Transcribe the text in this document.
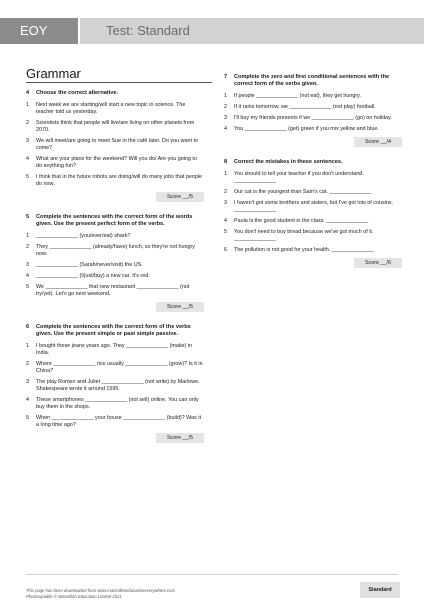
EOY	Test: Standard
Grammar
4	Choose the correct alternative.
1	Next week we are starting/will start a new topic in science. The teacher told us yesterday.
2	Scientists think that people will live/are living on other planets from 2070.
3	We will meet/are going to meet Sue in the café later. Do you want to come?
4	What are your plans for the weekend? Will you do/ Are you going to do anything fun?
5	I think that in the future robots are doing/will do many jobs that people do now.
Score __/5
5	Complete the sentences with the correct form of the words given. Use the present perfect form of the verbs.
1	______________ (you/ever/eat) shark?
2	They ______________ (already/have) lunch, so they're not hungry now.
3	______________ (Sarah/never/visit) the US.
4	______________ (I/just/buy) a new car. It's red.
5	We ______________ that new restaurant ______________ (not try/yet). Let's go next weekend.
Score __/5
6	Complete the sentences with the correct form of the verbs given. Use the present simple or past simple passive.
1	I bought these jeans years ago. They ______________ (make) in India.
2	Where ______________ rice usually ______________ (grow)? Is it in China?
3	The play Romeo and Juliet ______________ (not write) by Marlowe. Shakespeare wrote it around 1595.
4	These smartphones ______________ (not sell) online. You can only buy them in the shops.
5	When ______________ your house ______________ (build)? Was it a long time ago?
Score __/5
7	Complete the zero and first conditional sentences with the correct form of the verbs given.
1	If people ______________ (not eat), they get hungry.
2	If it rains tomorrow, we ______________ (not play) football.
3	I'll buy my friends presents if we ______________ (go) on holiday.
4	You ______________ (get) green if you mix yellow and blue.
Score __/4
8	Correct the mistakes in these sentences.
1	You should to tell your teacher if you don't understand. ______________
2	Our cat is the youngest than Sam's cat. ______________
3	I haven't got some brothers and sisters, but I've got lots of cousins. ______________
4	Paula is the good student in the class. ______________
5	You don't need to buy bread because we've got much of it. ______________
6	The pollution is not good for your health. ______________
Score __/6
This page has been downloaded from www.macmillaneducationeverywhere.com
Photocopiable © Macmillan Education Limited 2021
Standard
